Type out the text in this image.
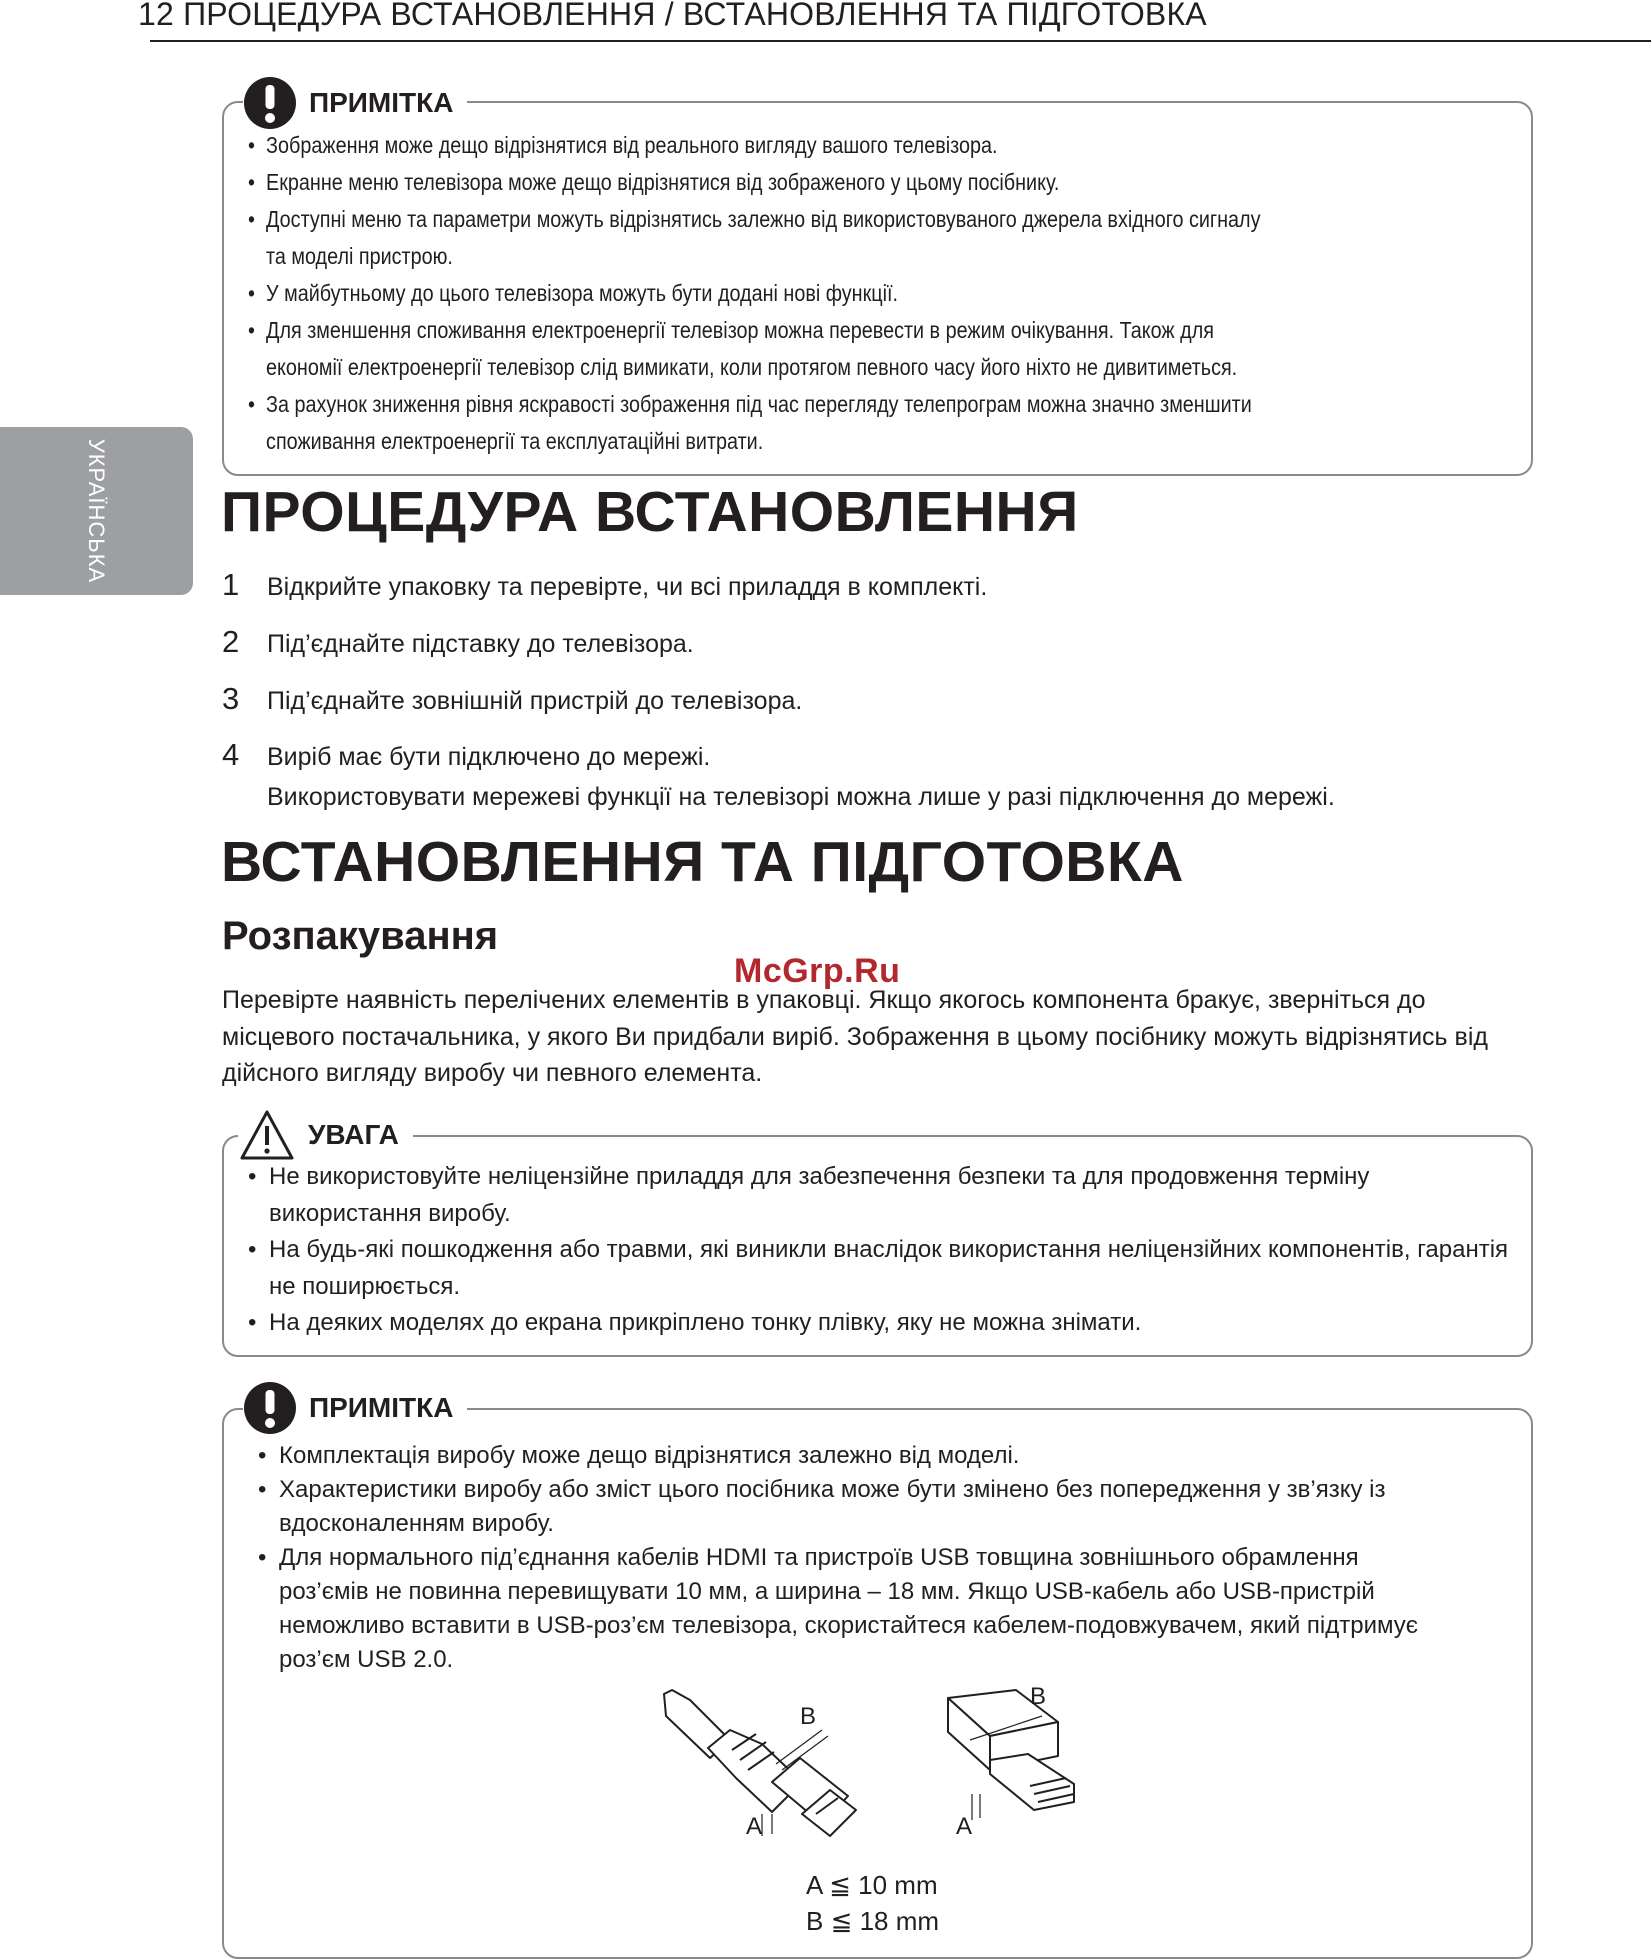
12 ПРОЦЕДУРА ВСТАНОВЛЕННЯ / ВСТАНОВЛЕННЯ ТА ПІДГОТОВКА
УКРАЇНСЬКА
ПРИМІТКА
• Зображення може дещо відрізнятися від реального вигляду вашого телевізора.
• Екранне меню телевізора може дещо відрізнятися від зображеного у цьому посібнику.
• Доступні меню та параметри можуть відрізнятись залежно від використовуваного джерела вхідного сигналу та моделі пристрою.
• У майбутньому до цього телевізора можуть бути додані нові функції.
• Для зменшення споживання електроенергії телевізор можна перевести в режим очікування. Також для економії електроенергії телевізор слід вимикати, коли протягом певного часу його ніхто не дивитиметься.
• За рахунок зниження рівня яскравості зображення під час перегляду телепрограм можна значно зменшити споживання електроенергії та експлуатаційні витрати.
ПРОЦЕДУРА ВСТАНОВЛЕННЯ
1 Відкрийте упаковку та перевірте, чи всі приладдя в комплекті.
2 Під’єднайте підставку до телевізора.
3 Під’єднайте зовнішній пристрій до телевізора.
4 Виріб має бути підключено до мережі.
Використовувати мережеві функції на телевізорі можна лише у разі підключення до мережі.
ВСТАНОВЛЕННЯ ТА ПІДГОТОВКА
Розпакування
Перевірте наявність перелічених елементів в упаковці. Якщо якогось компонента бракує, зверніться до місцевого постачальника, у якого Ви придбали виріб. Зображення в цьому посібнику можуть відрізнятись від дійсного вигляду виробу чи певного елемента.
McGrp.Ru
УВАГА
• Не використовуйте неліцензійне приладдя для забезпечення безпеки та для продовження терміну використання виробу.
• На будь-які пошкодження або травми, які виникли внаслідок використання неліцензійних компонентів, гарантія не поширюється.
• На деяких моделях до екрана прикріплено тонку плівку, яку не можна знімати.
ПРИМІТКА
• Комплектація виробу може дещо відрізнятися залежно від моделі.
• Характеристики виробу або зміст цього посібника може бути змінено без попередження у зв’язку із вдосконаленням виробу.
• Для нормального під’єднання кабелів HDMI та пристроїв USB товщина зовнішнього обрамлення роз’ємів не повинна перевищувати 10 мм, а ширина – 18 мм. Якщо USB-кабель або USB-пристрій неможливо вставити в USB-роз’єм телевізора, скористайтеся кабелем-подовжувачем, який підтримує роз’єм USB 2.0.
B
A
B
A
A ≦ 10 mm
B ≦ 18 mm
